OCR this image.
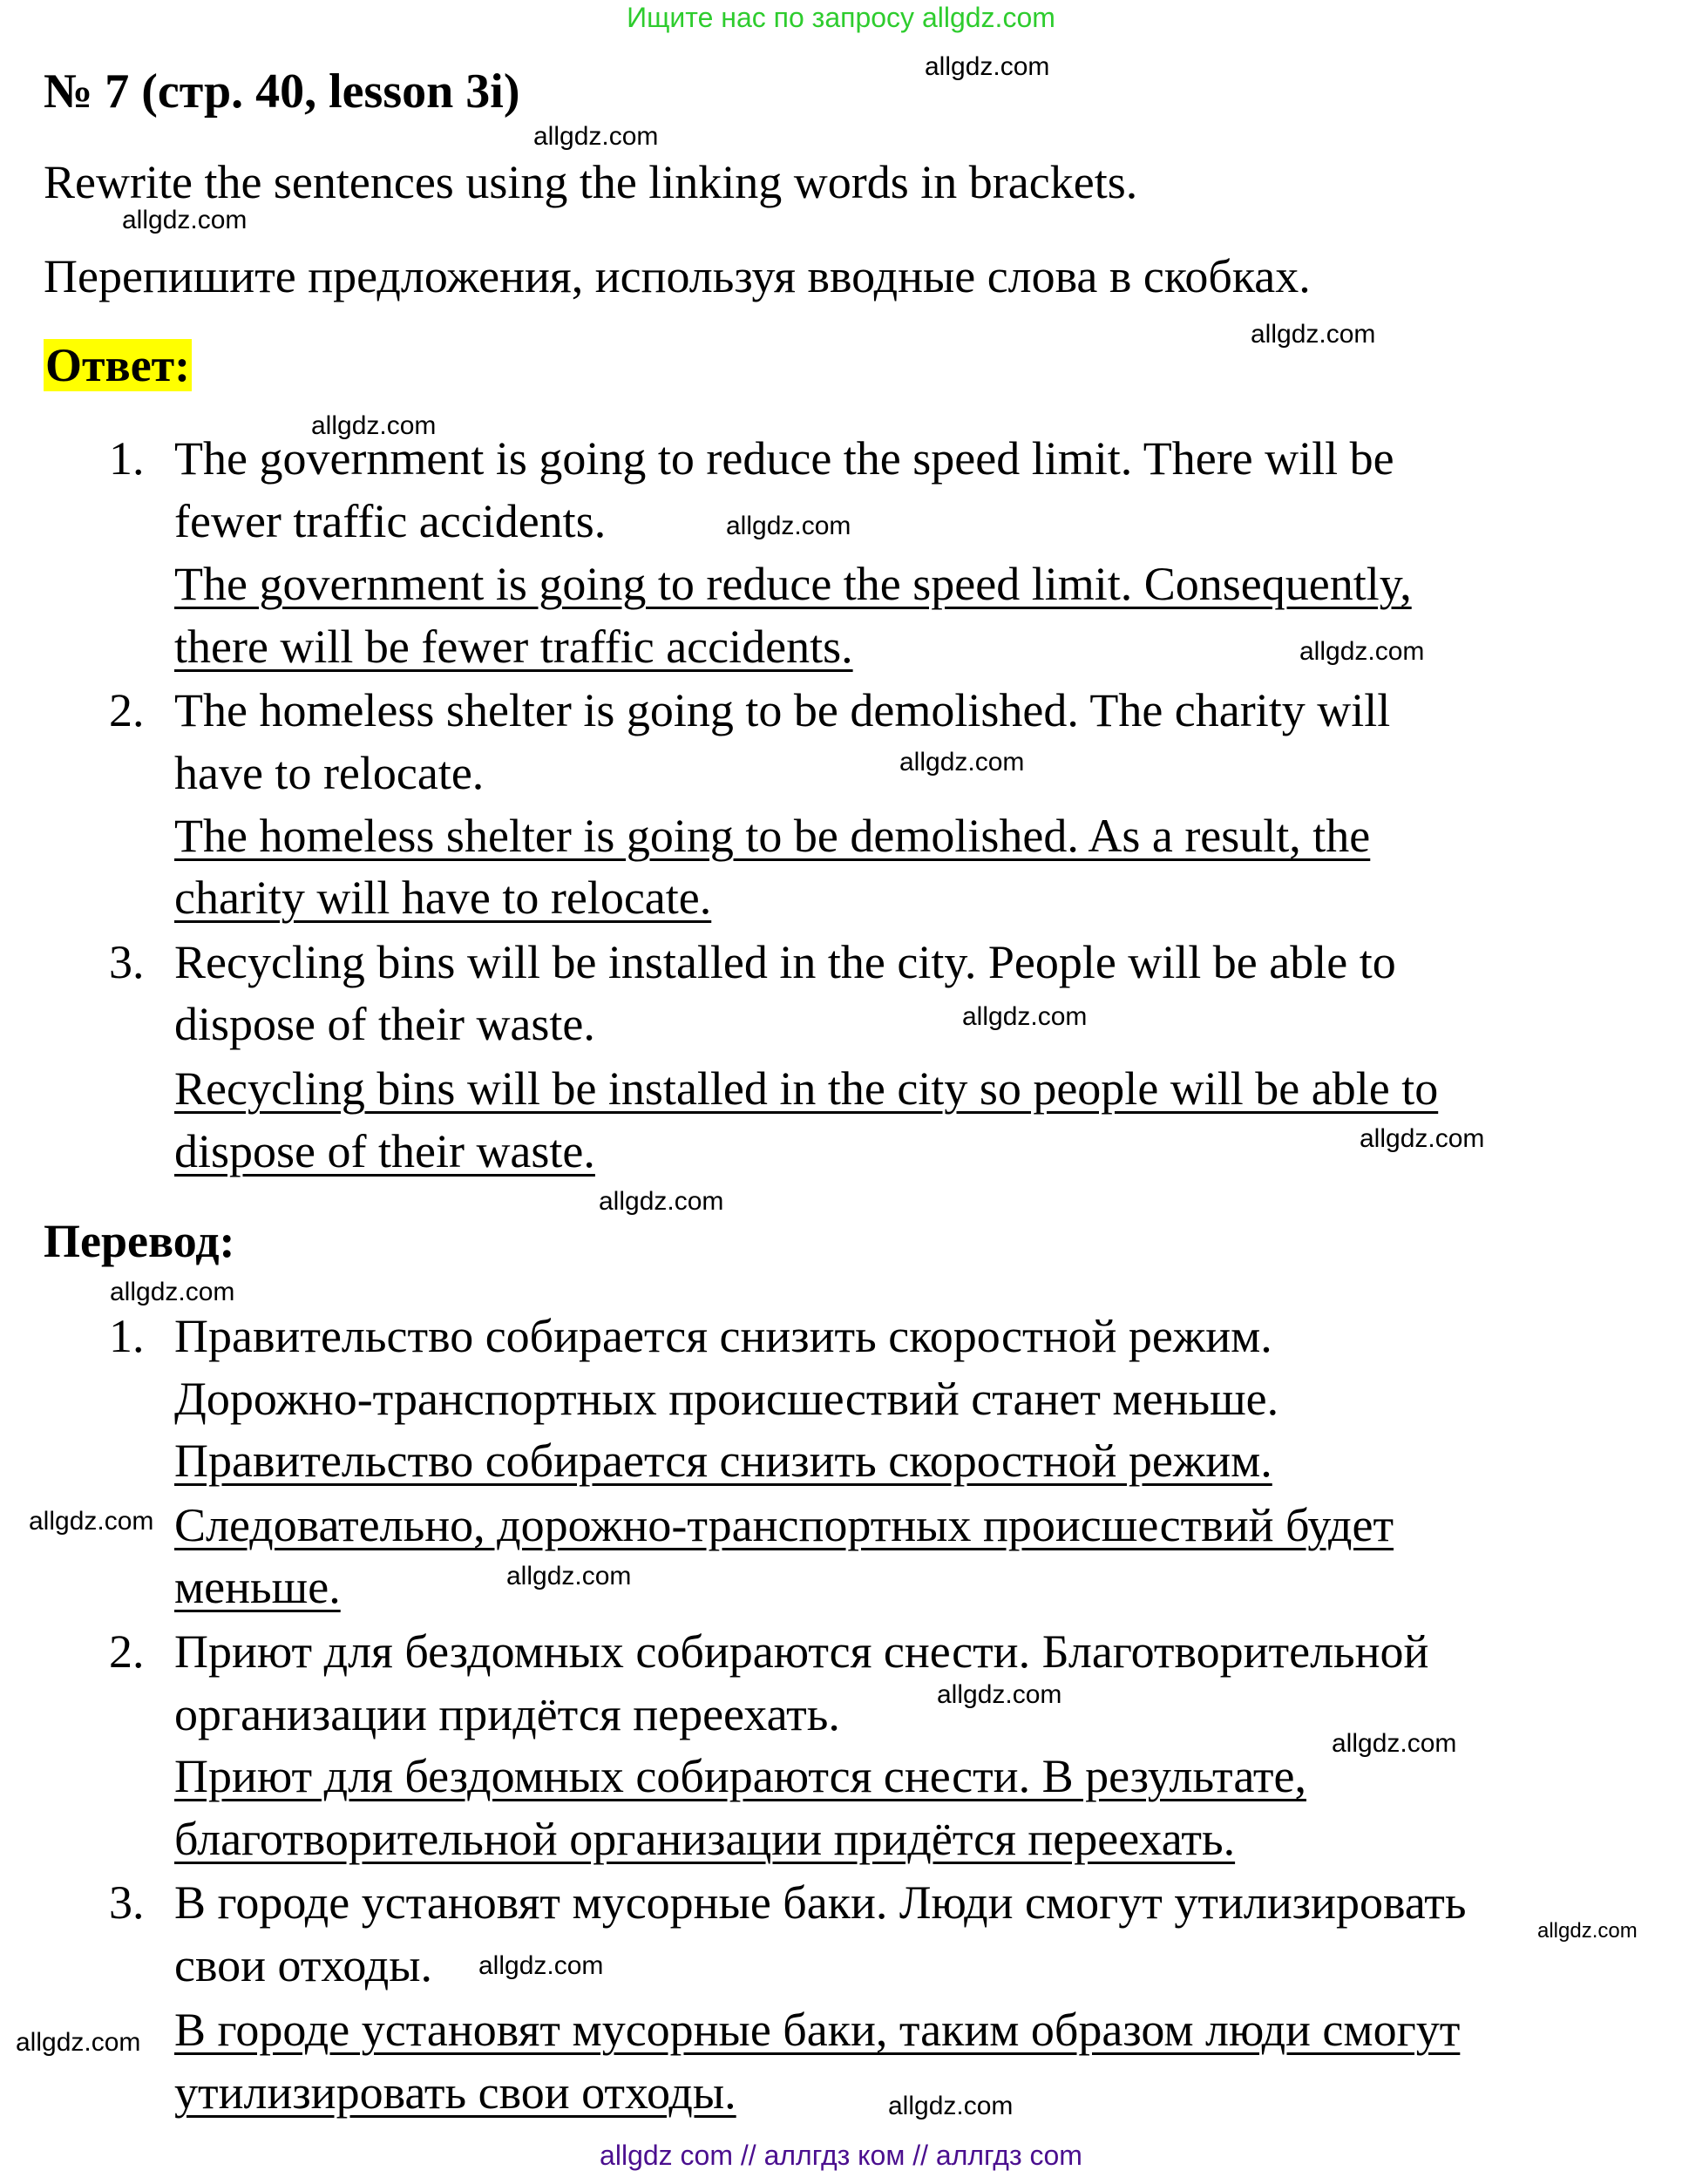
Ищите нас по запросу allgdz.com
№ 7 (стр. 40, lesson 3i)
Rewrite the sentences using the linking words in brackets.
Перепишите предложения, используя вводные слова в скобках.
Ответ:
1. The government is going to reduce the speed limit. There will be
fewer traffic accidents.
The government is going to reduce the speed limit. Consequently,
there will be fewer traffic accidents.
2. The homeless shelter is going to be demolished. The charity will
have to relocate.
The homeless shelter is going to be demolished. As a result, the
charity will have to relocate.
3. Recycling bins will be installed in the city. People will be able to
dispose of their waste.
Recycling bins will be installed in the city so people will be able to
dispose of their waste.
Перевод:
1. Правительство собирается снизить скоростной режим.
Дорожно-транспортных происшествий станет меньше.
Правительство собирается снизить скоростной режим.
Следовательно, дорожно-транспортных происшествий будет
меньше.
2. Приют для бездомных собираются снести. Благотворительной
организации придётся переехать.
Приют для бездомных собираются снести. В результате,
благотворительной организации придётся переехать.
3. В городе установят мусорные баки. Люди смогут утилизировать
свои отходы.
В городе установят мусорные баки, таким образом люди смогут
утилизировать свои отходы.
allgdz.com
allgdz.com
allgdz.com
allgdz.com
allgdz.com
allgdz.com
allgdz.com
allgdz.com
allgdz.com
allgdz.com
allgdz.com
allgdz.com
allgdz.com
allgdz.com
allgdz.com
allgdz.com
allgdz.com
allgdz.com
allgdz.com
allgdz.com
allgdz com // аллгдз ком // аллгдз com
